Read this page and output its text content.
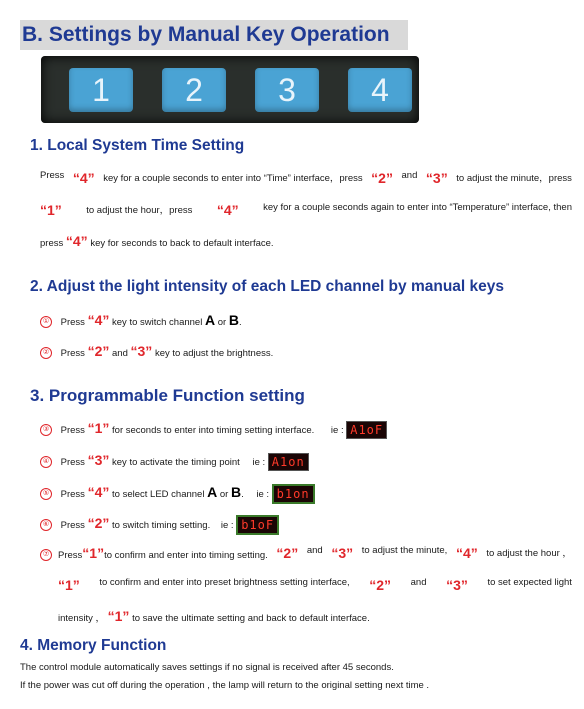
B. Settings by Manual Key Operation
1	2	3	4
1. Local System Time Setting
Press “4” key for a couple seconds to enter into “Time” interface，press “2” and “3” to adjust the minute，press
“1”	to adjust the hour，press “4”	key for a couple seconds again to enter into “Temperature” interface, then
press “4” key for seconds to back to default interface.
2. Adjust the light intensity of each LED channel by manual keys
① Press “4” key to switch channel A or B.
② Press “2” and “3” key to adjust the brightness.
3. Programmable Function setting
③ Press “1” for seconds to enter into timing setting interface. ie : A1oF
④ Press “3” key to activate the timing point ie : A1on
⑤ Press “4” to select LED channel A or B. ie : b1on
⑥ Press “2” to switch timing setting. ie : b1oF
⑦ Press“1”to confirm and enter into timing setting. “2” and “3” to adjust the minute, “4” to adjust the hour ，
“1” to confirm and enter into preset brightness setting interface, “2” and “3” to set expected light
intensity ， “1” to save the ultimate setting and back to default interface.
4. Memory Function
The control module automatically saves settings if no signal is received after 45 seconds.
If the power was cut off during the operation , the lamp will return to the original setting next time .
